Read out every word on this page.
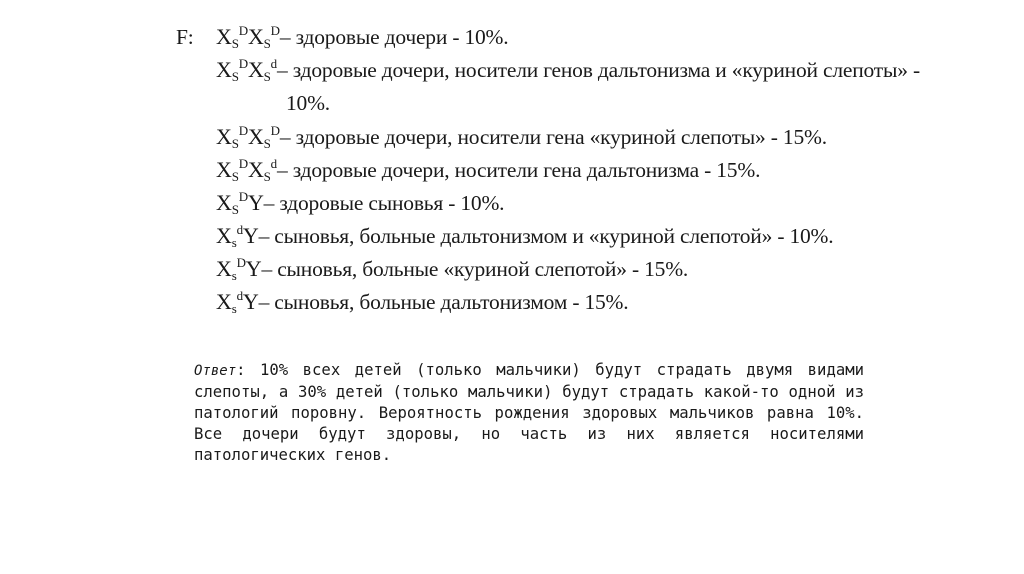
F: $X_S^DX_S^D-$ здоровые дочери - 10%.
$X_S^DX_S^d-$ здоровые дочери, носители генов дальтонизма и «куриной слепоты» -
10%.
$X_S^DX_S^D-$ здоровые дочери, носители гена «куриной слепоты» - 15%.
$X_S^DX_S^d-$ здоровые дочери, носители гена дальтонизма - 15%.
$X_S^DY-$ здоровые сыновья - 10%.
$X_s^dY-$ сыновья, больные дальтонизмом и «куриной слепотой» - 10%.
$X_s^DY-$ сыновья, больные «куриной слепотой» - 15%.
$X_s^dY-$ сыновья, больные дальтонизмом - 15%.
Ответ: 10% всех детей (только мальчики) будут страдать двумя видами
слепоты, а 30% детей (только мальчики) будут страдать какой-то одной из
патологий поровну. Вероятность рождения здоровых мальчиков равна 10%.
Все дочери будут здоровы, но часть из них является носителями
патологических генов.
